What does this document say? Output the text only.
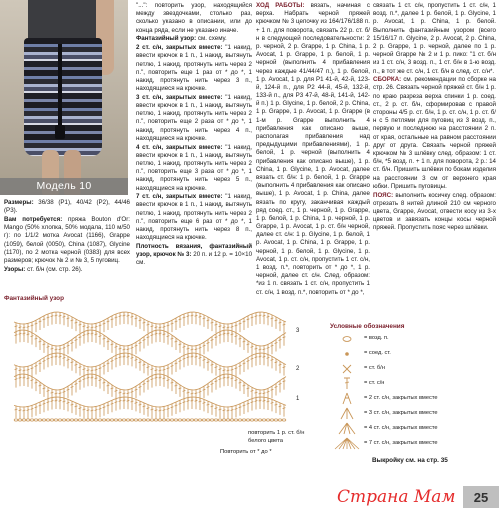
Модель 10

"...": повторить узор, находящийся между звездочками, столько раз, сколько указано в описании, или до конца ряда, если не указано иначе.

Фантазийный узор: см. схему.

2 ст. с/н, закрытых вместе: "1 накид, ввести крючок в 1 п., 1 накид, вытянуть петлю, 1 накид, протянуть нить через 2 п.", повторить еще 1 раз от * до *, 1 накид, протянуть нить через 3 п., находящиеся на крючке.

3 ст. с/н, закрытых вместе: "1 накид, ввести крючок в 1 п., 1 накид, вытянуть петлю, 1 накид, протянуть нить через 2 п.", повторить еще 2 раза от * до *, 1 накид, протянуть нить через 4 п., находящиеся на крючке.

4 ст. с/н, закрытых вместе: "1 накид, ввести крючок в 1 п., 1 накид, вытянуть петлю, 1 накид, протянуть нить через 2 п.", повторить еще 3 раза от * до *, 1 накид, протянуть нить через 5 п., находящиеся на крючке.

7 ст. с/н, закрытых вместе: "1 накид, ввести крючок в 1 п., 1 накид, вытянуть петлю, 1 накид, протянуть нить через 2 п.", повторить еще 6 раз от * до *, 1 накид, протянуть нить через 8 п., находящиеся на крючке.

Плотность вязания, фантазийный узор, крючок № 3: 20 п. и 12 р. = 10×10 см.

Размеры: 36/38 (P1), 40/42 (P2), 44/46 (P3).

Вам потребуется: пряжа Bouton d'Or: Mango (50% хлопка, 50% модала, 110 м/50 г): по 1/1/2 мотка Avocat (1166), Grappe (1059), белой (0050), China (1087), Glycine (1170), по 2 мотка черной (0383) для всех размеров; крючок № 2 и № 3, 5 пуговиц.

Узоры: ст. б/н (см. стр. 26).

ХОД РАБОТЫ: вязать, начиная с верха. Набрать черной пряжей крючком № 3 цепочку из 164/176/188 п. + 1 п. для поворота, связать 22 р. ст. б/н в следующей последовательности: 2 р. черной, 2 р. Grappe, 1 р. China, 1 р. Avocat, 1 р. Grappe, 1 р. белой, 1 р. черной (выполнить 4 прибавления через каждые 41/44/47 п.), 1 р. белой, 1 р. Avocat, 1 р. для Р1 41-й, 42-й, 123-й, 124-й п., для Р2 44-й, 45-й, 132-й, 133-й п., для Р3 47-й, 48-й, 141-й, 142-й п.) 1 р. Glycine, 1 р. белой, 2 р. China, 1 р. Grappe, 1 р. Avocat, 1 р. Grappe (в 1-м р. Grappe выполнить 4 прибавления как описано выше, располагая прибавления над предыдущими прибавлениями), 1 р. белой, 1 р. черной (выполнить 4 прибавления как описано выше), 1 р. China, 1 р. Glycine, 1 р. Avocat, далее вязать ст. б/н: 1 р. белой, 1 р. Grappe (выполнить 4 прибавления как описано выше), 1 р. Avocat, 1 р. China, далее вязать по кругу, заканчивая каждый ряд соед. ст., 1 р. черной, 1 р. Grappe, 1 р. белой, 1 р. China, 1 р. черной, 1 р. Grappe, 1 р. Avocat, 1 р. ст. б/н черной, далее ст. с/н: 1 р. Glycine, 1 р. белой, 1 р. Avocat, 1 р. China, 1 р. Grappe, 1 р. черной, 1 р. белой, 1 р. Glycine, 1 р. Avocat, 1 р. ст. с/н, пропустить 1 ст. с/н, 1 возд. п.*, повторить от * до *, 1 р. черной, далее ст. с/н. След. образом: *из 1 п. связать 1 ст. с/н, пропустить 1 ст. с/н, 1 возд. п.*, повторить от * до *,

связать 1 ст. с/н, пропустить 1 ст. с/н, 1 возд. п.*, далее 1 р. белой, 1 р. Glycine, 1 р. Avocat, 1 р. China, 1 р. белой. Выполнить фантазийным узором (всего 15/16/17 п. Glycine, 2 р. Avocat, 2 р. China, 2 р. Grappe, 1 р. черной, далее по 1 р. черной Grappe № 2 и 1 р. пико: "1 ст. б/н из 1 ст. с/н, 3 возд. п., 1 ст. б/н в 1-ю возд. п., в тот же ст. с/н, 1 ст. б/н в след. ст. с/н*.

СБОРКА: см. рекомендации по сборке на стр. 26. Связать черной пряжей ст. б/н 1 р. по краю разреза верха спинки 1 р. соед. ст., 2 р. ст. б/н, сформировав с правой стороны 4/5 р. ст. б/н, 1 р. ст. с/н, 1 р. ст. б/н с 5 петлями для пуговиц из 3 возд. п., первую и последнюю на расстоянии 2 п. от края, остальные на равном расстоянии друг от друга. Связать черной пряжей крючком № 3 шлёвку след. образом: 1 ст. б/н, *5 возд. п. + 1 п. для поворота, 2 р.: 14 ст. б/н. Пришить шлёвки по бокам изделия на расстоянии 3 см от верхнего края юбки. Пришить пуговицы.

ПОЯС: выполнить косичку след. образом: отрезать 8 нитей длиной 210 см черного цвета, Grappe, Avocat, отвести косу из 3-х цветов и завязать концы косы черной пряжей. Пропустить пояс через шлёвки.

Фантазийный узор
3
2
1
повторить 1 р. ст. б/н
белого цвета
Повторить от * до *
Условные обозначения
= возд. п.
= соед. ст.
= ст. б/н
= ст. с/н
= 2 ст. с/н, закрытых вместе
= 3 ст. с/н, закрытых вместе
= 4 ст. с/н, закрытых вместе
= 7 ст. с/н, закрытых вместе
Выкройку см. на стр. 35
Страна Мам	25
